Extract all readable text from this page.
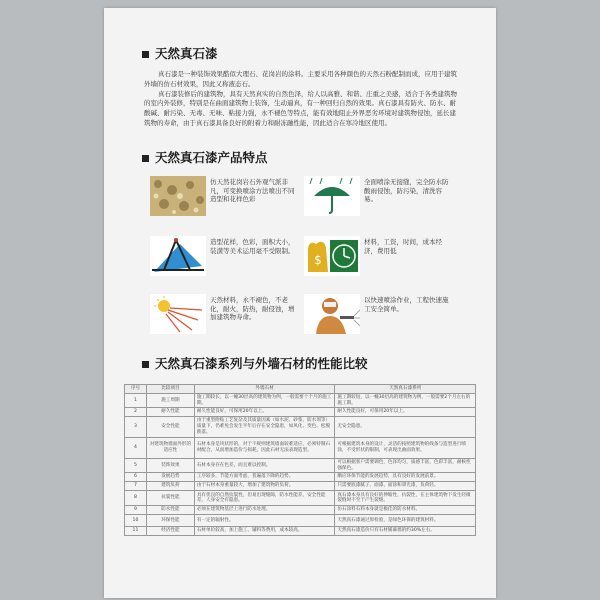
天然真石漆

真石漆是一种装饰效果酷似大理石、花岗岩的涂料。主要采用各种颜色的天然石粉配制而成，应用于建筑外墙的仿石材效果，因此又称液态石。

真石漆装修后的建筑物，具有天然真实的自然色泽，给人以高雅、和谐、庄重之美感，适合于各类建筑物的室内外装修，特别是在曲面建筑物上装饰，生动逼真，有一种回归自然的效果。真石漆具有防火、防水、耐酸碱、耐污染、无毒、无味、粘接力强，永不褪色等特点，能有效地阻止外界恶劣环境对建筑物侵蚀，延长建筑物的寿命，由于真石漆具备良好的附着力和耐冻融性能，因此适合在寒冷地区使用。

天然真石漆产品特点
仿天然花岗岩石外观气派非凡，可变换喷涂方法喷出不同造型和花样色彩
全面喷涂无接缝，完全防水防酸雨侵蚀，防污染，清洗容易。
造型花样，色彩，面积大小，装潢等美术运用毫不受限制。
$
材料，工资，时间，成本经济，费用低
天然材料，永不褪色，不老化，耐火，防热，耐侵蚀，增加建筑物寿命。
以快速喷涂作业，工程快速施工安全简单。
天然真石漆系列与外墙石材的性能比较
序号	比较项目	外墙石材	天然真石漆系列
1	施工周期	施工期较长，以一幢30层高的建筑物为例，一般需要十个月的施工期。	施工期较短，以一幢30层高的建筑物为例，一般需要2个月左右的施工期。
2	耐久性能	耐久性能良好，可保用20年以上。	耐久性能良好，可保用20年以上。
3	安全性能	由于重型附贴工艺复杂及其质量因素（如水泥、砂浆、防水剂等）质量下，仍难免会发生半年后存在安全隐患，如风化、变色、松脱跌落。	无安全隐患。
4	对建筑物墙面外形的适应性	石材本身是块状形的，对于不规则建筑墙面较难适应，必须特制石材配合，从而增加造价与损耗，因此石材无法表现造型。	可根据建筑本身的设计，灵活的按照建筑物的线条与造型进行喷涂，不受形状的限制，可表现出曲面效果。
5	装饰效果	石材本身存在色差，而且难以控制。	可以根据客户需要调色，色泽均匀，质感丰富，色彩丰富，耐候性强保色。
6	发展趋势	工序较多，节能方面考虑，普遍落下降的趋势。	顺应环保节能的发展趋势，具有良好的发展前景。
7	建筑负荷	由于石材本身重量较大，增加了建筑物的负荷。	只需要底漆腻子、面漆、面涂和罩光漆，负荷轻。
8	抗裂性能	具有优良的自然抗裂性，但易出现缝隙，防水性能差，安全性能差，人身安全有隐患。	真石漆本身具有良好的伸缩性，抗裂性，在主体建筑物下发生轻微裂缝时不至于产生裂缝。
9	防水性能	必须在建筑物基层上进行防水处理。	仿石涂料石料本身就是极佳的防水材料。
10	环保性能	有一定的辐射性。	天然真石漆通过原检验，是绿色环保的建筑材料。
11	经济性能	石材单价较高，加上施工、辅料等费用，成本较高。	天然真石漆造价只有石材铺幕墙的约30%左右。
